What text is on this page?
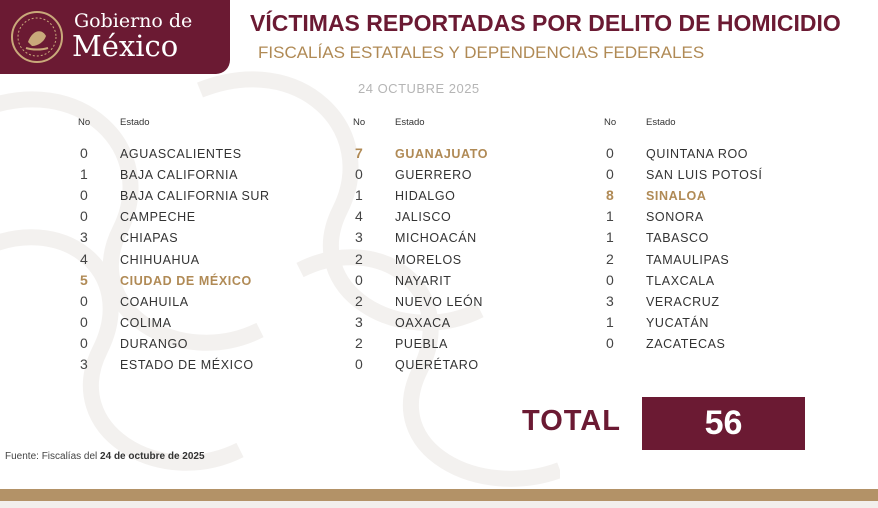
Gobierno de
México
VÍCTIMAS REPORTADAS POR DELITO DE HOMICIDIO
FISCALÍAS ESTATALES Y DEPENDENCIAS FEDERALES
24 OCTUBRE 2025
No	Estado
0	AGUASCALIENTES
1	BAJA CALIFORNIA
0	BAJA CALIFORNIA SUR
0	CAMPECHE
3	CHIAPAS
4	CHIHUAHUA
5	CIUDAD DE MÉXICO
0	COAHUILA
0	COLIMA
0	DURANGO
3	ESTADO DE MÉXICO
No	Estado
7	GUANAJUATO
0	GUERRERO
1	HIDALGO
4	JALISCO
3	MICHOACÁN
2	MORELOS
0	NAYARIT
2	NUEVO LEÓN
3	OAXACA
2	PUEBLA
0	QUERÉTARO
No	Estado
0	QUINTANA ROO
0	SAN LUIS POTOSÍ
8	SINALOA
1	SONORA
1	TABASCO
2	TAMAULIPAS
0	TLAXCALA
3	VERACRUZ
1	YUCATÁN
0	ZACATECAS
TOTAL	56
Fuente: Fiscalías del 24 de octubre de 2025
